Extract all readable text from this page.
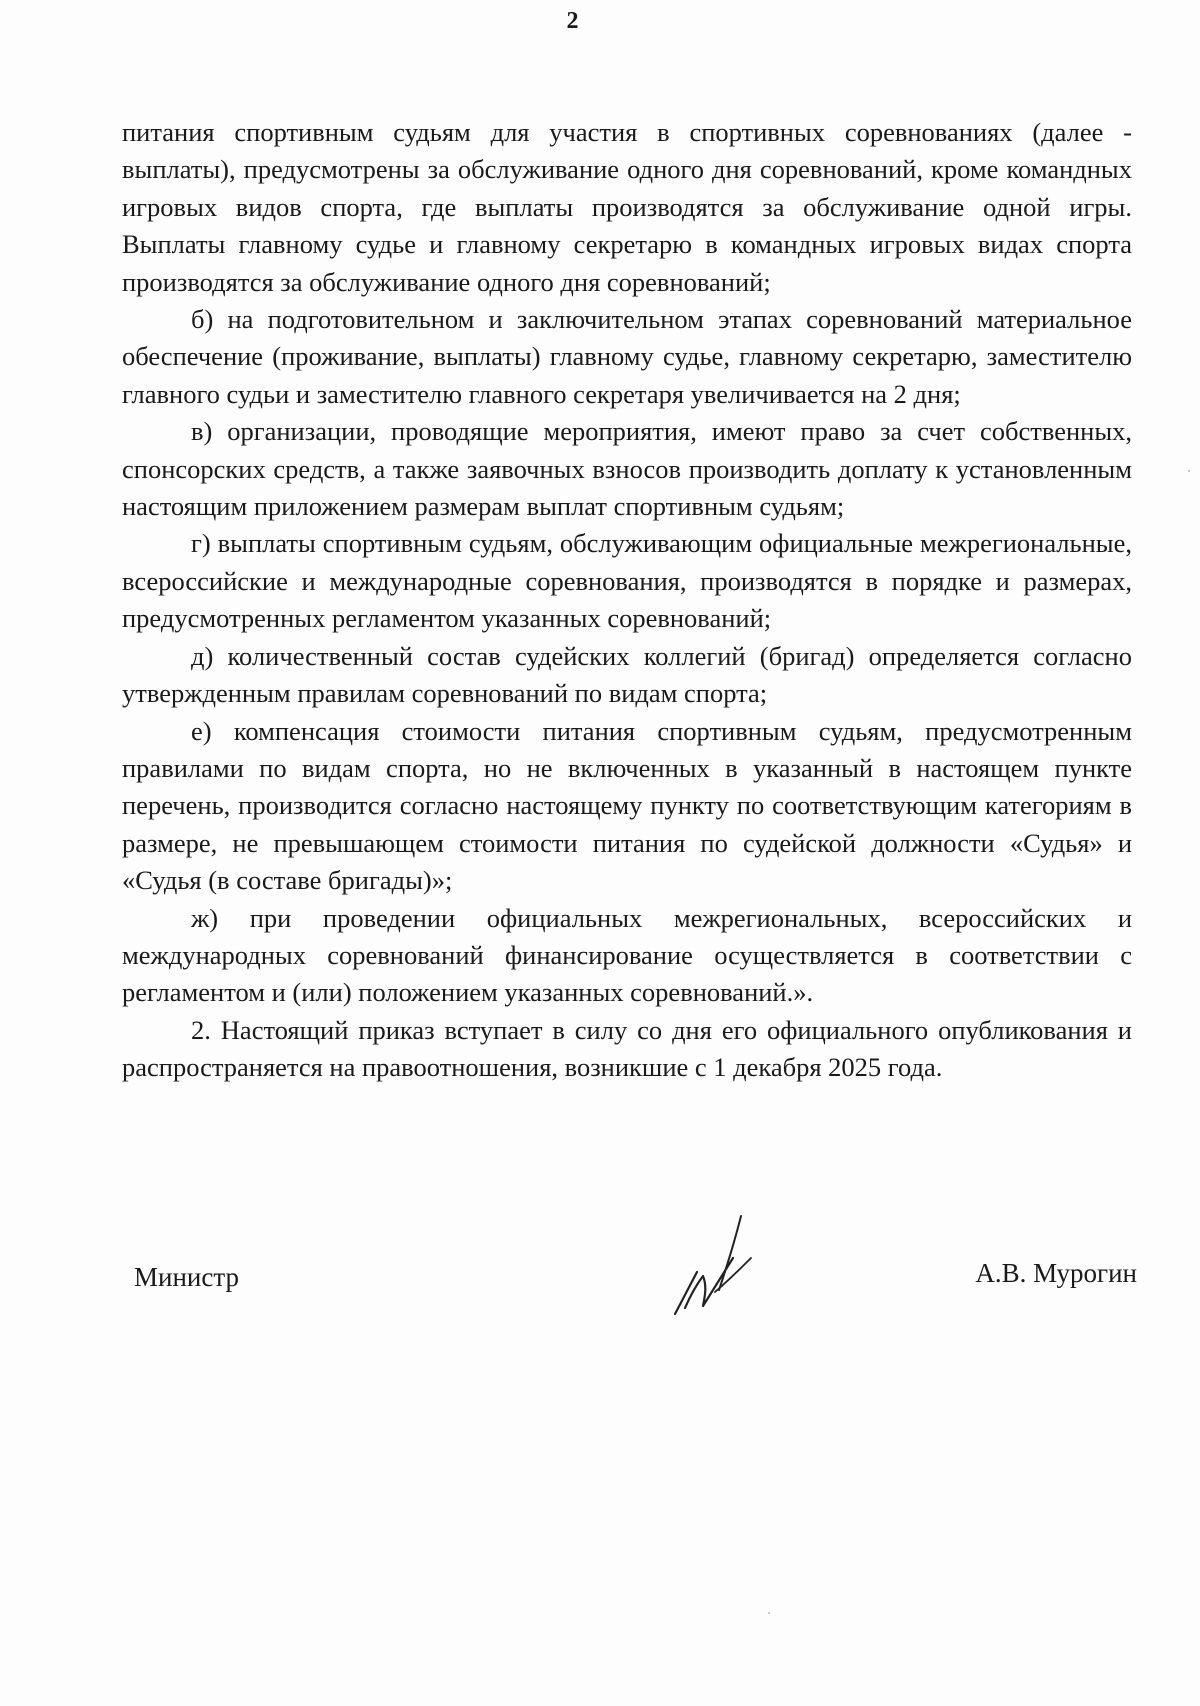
2

питания спортивным судьям для участия в спортивных соревнованиях (далее - выплаты), предусмотрены за обслуживание одного дня соревнований, кроме командных игровых видов спорта, где выплаты производятся за обслуживание одной игры. Выплаты главному судье и главному секретарю в командных игровых видах спорта производятся за обслуживание одного дня соревнований;

б) на подготовительном и заключительном этапах соревнований материальное обеспечение (проживание, выплаты) главному судье, главному секретарю, заместителю главного судьи и заместителю главного секретаря увеличивается на 2 дня;

в) организации, проводящие мероприятия, имеют право за счет собственных, спонсорских средств, а также заявочных взносов производить доплату к установленным настоящим приложением размерам выплат спортивным судьям;

г) выплаты спортивным судьям, обслуживающим официальные межрегиональные, всероссийские и международные соревнования, производятся в порядке и размерах, предусмотренных регламентом указанных соревнований;

д) количественный состав судейских коллегий (бригад) определяется согласно утвержденным правилам соревнований по видам спорта;

е) компенсация стоимости питания спортивным судьям, предусмотренным правилами по видам спорта, но не включенных в указанный в настоящем пункте перечень, производится согласно настоящему пункту по соответствующим категориям в размере, не превышающем стоимости питания по судейской должности «Судья» и «Судья (в составе бригады)»;

ж) при проведении официальных межрегиональных, всероссийских и международных соревнований финансирование осуществляется в соответствии с регламентом и (или) положением указанных соревнований.».

2. Настоящий приказ вступает в силу со дня его официального опубликования и распространяется на правоотношения, возникшие с 1 декабря 2025 года.

Министр	А.В. Мурогин
